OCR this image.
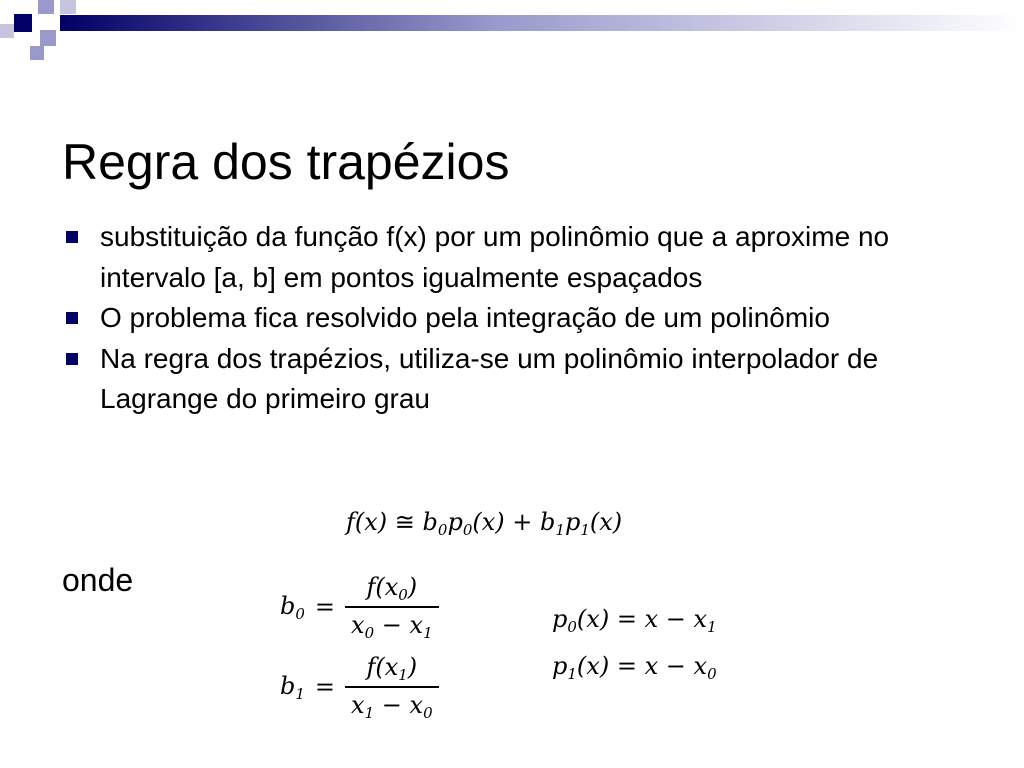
Regra dos trapézios
substituição da função f(x) por um polinômio que a aproxime no intervalo [a, b] em pontos igualmente espaçados
O problema fica resolvido pela integração de um polinômio
Na regra dos trapézios, utiliza-se um polinômio interpolador de Lagrange do primeiro grau
f(x) ≅ $b_0p_0(x) + b_1p_1(x)$
onde
$b_0 = \frac{f(x_0)}{x_0 - x_1}$
$b_1 = \frac{f(x_1)}{x_1 - x_0}$
$p_0(x) = x - x_1$
$p_1(x) = x - x_0$
